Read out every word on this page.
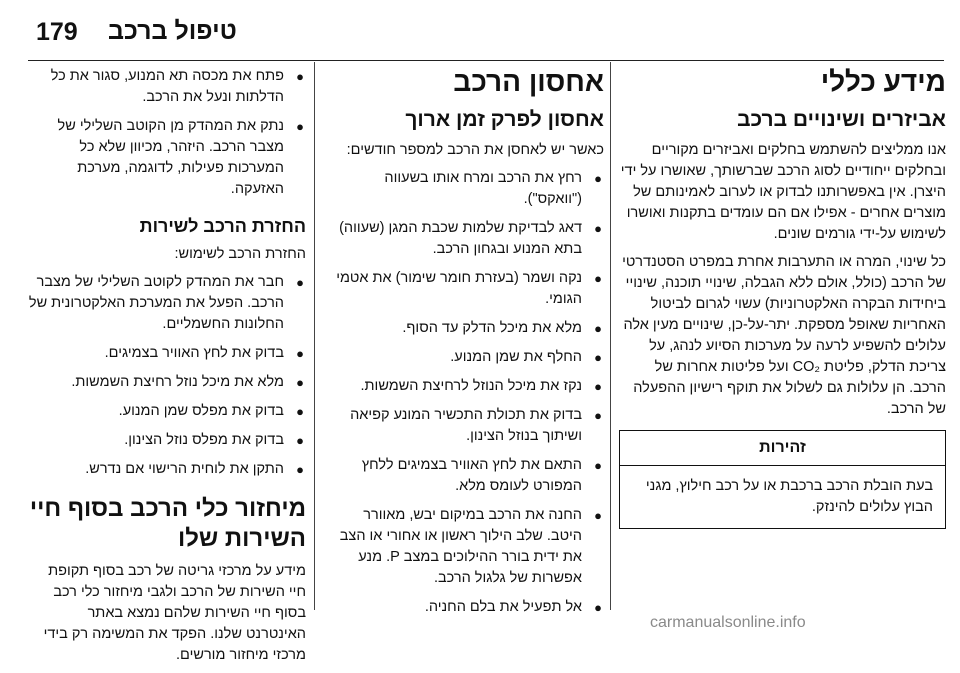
179 טיפול ברכב
מידע כללי
אביזרים ושינויים ברכב
אנו ממליצים להשתמש בחלקים ואביזרים מקוריים ובחלקים ייחודיים לסוג הרכב שברשותך, שאושרו על ידי היצרן. אין באפשרותנו לבדוק או לערוב לאמינותם של מוצרים אחרים - אפילו אם הם עומדים בתקנות ואושרו לשימוש על-ידי גורמים שונים.
כל שינוי, המרה או התערבות אחרת במפרט הסטנדרטי של הרכב (כולל, אולם ללא הגבלה, שינויי תוכנה, שינויי ביחידות הבקרה האלקטרוניות) עשוי לגרום לביטול האחריות שאופל מספקת. יתר-על-כן, שינויים מעין אלה עלולים להשפיע לרעה על מערכות הסיוע לנהג, על צריכת הדלק, פליטת CO₂ ועל פליטות אחרות של הרכב. הן עלולות גם לשלול את תוקף רישיון ההפעלה של הרכב.
זהירות
בעת הובלת הרכב ברכבת או על רכב חילוץ, מגני הבוץ עלולים להינזק.
אחסון הרכב
אחסון לפרק זמן ארוך
כאשר יש לאחסן את הרכב למספר חודשים:
●
רחץ את הרכב ומרח אותו בשעווה ("וואקס").
●
דאג לבדיקת שלמות שכבת המגן (שעווה) בתא המנוע ובגחון הרכב.
●
נקה ושמר (בעזרת חומר שימור) את אטמי הגומי.
●
מלא את מיכל הדלק עד הסוף.
●
החלף את שמן המנוע.
●
נקז את מיכל הנוזל לרחיצת השמשות.
●
בדוק את תכולת התכשיר המונע קפיאה ושיתוך בנוזל הצינון.
●
התאם את לחץ האוויר בצמיגים ללחץ המפורט לעומס מלא.
●
החנה את הרכב במיקום יבש, מאוורר היטב. שלב הילוך ראשון או אחורי או הצב את ידית בורר ההילוכים במצב P. מנע אפשרות של גלגול הרכב.
●
אל תפעיל את בלם החניה.
●
פתח את מכסה תא המנוע, סגור את כל הדלתות ונעל את הרכב.
●
נתק את המהדק מן הקוטב השלילי של מצבר הרכב. היזהר, מכיוון שלא כל המערכות פעילות, לדוגמה, מערכת האזעקה.
החזרת הרכב לשירות
החזרת הרכב לשימוש:
●
חבר את המהדק לקוטב השלילי של מצבר הרכב. הפעל את המערכת האלקטרונית של החלונות החשמליים.
●
בדוק את לחץ האוויר בצמיגים.
●
מלא את מיכל נוזל רחיצת השמשות.
●
בדוק את מפלס שמן המנוע.
●
בדוק את מפלס נוזל הצינון.
●
התקן את לוחית הרישוי אם נדרש.
מיחזור כלי הרכב בסוף חיי השירות שלו
מידע על מרכזי גריטה של רכב בסוף תקופת חיי השירות של הרכב ולגבי מיחזור כלי רכב בסוף חיי השירות שלהם נמצא באתר האינטרנט שלנו. הפקד את המשימה רק בידי מרכזי מיחזור מורשים.
carmanualsonline.info
